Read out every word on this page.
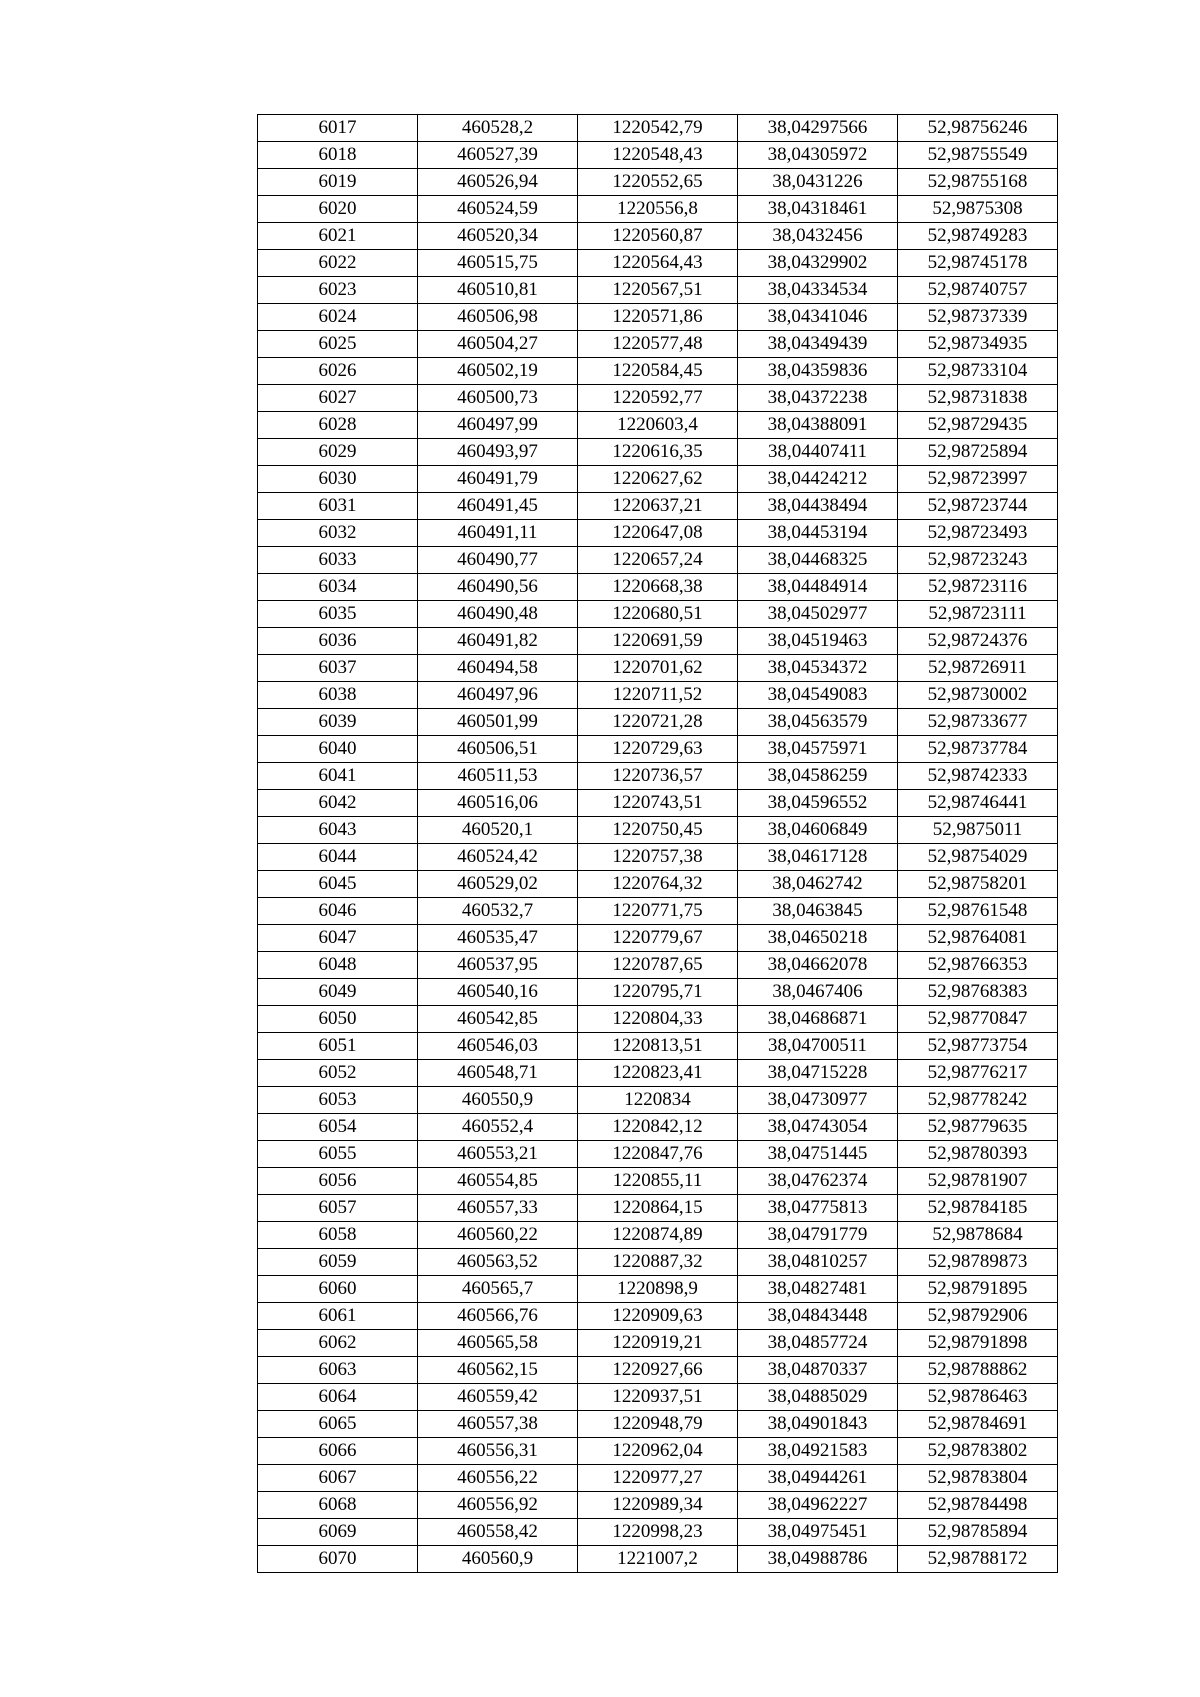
6017	460528,2	1220542,79	38,04297566	52,98756246
6018	460527,39	1220548,43	38,04305972	52,98755549
6019	460526,94	1220552,65	38,0431226	52,98755168
6020	460524,59	1220556,8	38,04318461	52,9875308
6021	460520,34	1220560,87	38,0432456	52,98749283
6022	460515,75	1220564,43	38,04329902	52,98745178
6023	460510,81	1220567,51	38,04334534	52,98740757
6024	460506,98	1220571,86	38,04341046	52,98737339
6025	460504,27	1220577,48	38,04349439	52,98734935
6026	460502,19	1220584,45	38,04359836	52,98733104
6027	460500,73	1220592,77	38,04372238	52,98731838
6028	460497,99	1220603,4	38,04388091	52,98729435
6029	460493,97	1220616,35	38,04407411	52,98725894
6030	460491,79	1220627,62	38,04424212	52,98723997
6031	460491,45	1220637,21	38,04438494	52,98723744
6032	460491,11	1220647,08	38,04453194	52,98723493
6033	460490,77	1220657,24	38,04468325	52,98723243
6034	460490,56	1220668,38	38,04484914	52,98723116
6035	460490,48	1220680,51	38,04502977	52,98723111
6036	460491,82	1220691,59	38,04519463	52,98724376
6037	460494,58	1220701,62	38,04534372	52,98726911
6038	460497,96	1220711,52	38,04549083	52,98730002
6039	460501,99	1220721,28	38,04563579	52,98733677
6040	460506,51	1220729,63	38,04575971	52,98737784
6041	460511,53	1220736,57	38,04586259	52,98742333
6042	460516,06	1220743,51	38,04596552	52,98746441
6043	460520,1	1220750,45	38,04606849	52,9875011
6044	460524,42	1220757,38	38,04617128	52,98754029
6045	460529,02	1220764,32	38,0462742	52,98758201
6046	460532,7	1220771,75	38,0463845	52,98761548
6047	460535,47	1220779,67	38,04650218	52,98764081
6048	460537,95	1220787,65	38,04662078	52,98766353
6049	460540,16	1220795,71	38,0467406	52,98768383
6050	460542,85	1220804,33	38,04686871	52,98770847
6051	460546,03	1220813,51	38,04700511	52,98773754
6052	460548,71	1220823,41	38,04715228	52,98776217
6053	460550,9	1220834	38,04730977	52,98778242
6054	460552,4	1220842,12	38,04743054	52,98779635
6055	460553,21	1220847,76	38,04751445	52,98780393
6056	460554,85	1220855,11	38,04762374	52,98781907
6057	460557,33	1220864,15	38,04775813	52,98784185
6058	460560,22	1220874,89	38,04791779	52,9878684
6059	460563,52	1220887,32	38,04810257	52,98789873
6060	460565,7	1220898,9	38,04827481	52,98791895
6061	460566,76	1220909,63	38,04843448	52,98792906
6062	460565,58	1220919,21	38,04857724	52,98791898
6063	460562,15	1220927,66	38,04870337	52,98788862
6064	460559,42	1220937,51	38,04885029	52,98786463
6065	460557,38	1220948,79	38,04901843	52,98784691
6066	460556,31	1220962,04	38,04921583	52,98783802
6067	460556,22	1220977,27	38,04944261	52,98783804
6068	460556,92	1220989,34	38,04962227	52,98784498
6069	460558,42	1220998,23	38,04975451	52,98785894
6070	460560,9	1221007,2	38,04988786	52,98788172
